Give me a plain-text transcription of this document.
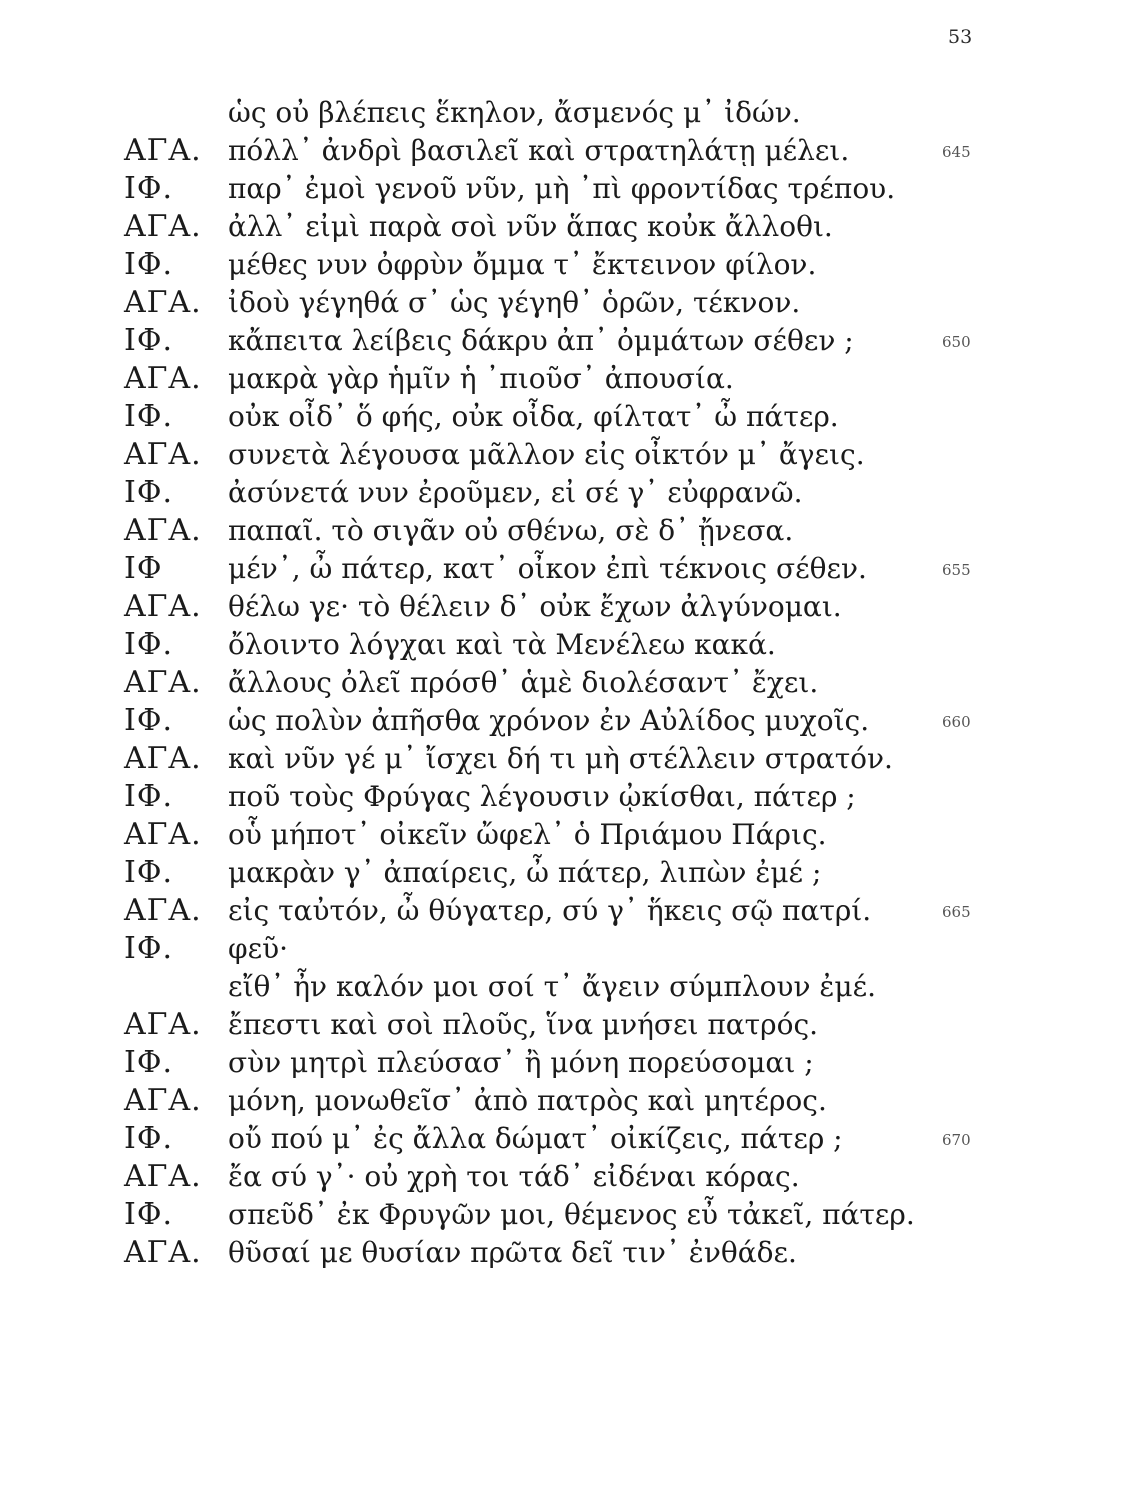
53
ὡς οὐ βλέπεις ἕκηλον, ἄσμενός μ᾽ ἰδών.
ΑΓΑ. πόλλ᾽ ἀνδρὶ βασιλεῖ καὶ στρατηλάτῃ μέλει.	645
ΙΦ. παρ᾽ ἐμοὶ γενοῦ νῦν, μὴ ᾽πὶ φροντίδας τρέπου.
ΑΓΑ. ἀλλ᾽ εἰμὶ παρὰ σοὶ νῦν ἅπας κοὐκ ἄλλοθι.
ΙΦ. μέθες νυν ὀφρὺν ὄμμα τ᾽ ἔκτεινον φίλον.
ΑΓΑ. ἰδοὺ γέγηθά σ᾽ ὡς γέγηθ᾽ ὁρῶν, τέκνον.
ΙΦ. κἄπειτα λείβεις δάκρυ ἀπ᾽ ὀμμάτων σέθεν ;	650
ΑΓΑ. μακρὰ γὰρ ἡμῖν ἡ ᾽πιοῦσ᾽ ἀπουσία.
ΙΦ. οὐκ οἶδ᾽ ὅ φής, οὐκ οἶδα, φίλτατ᾽ ὦ πάτερ.
ΑΓΑ. συνετὰ λέγουσα μᾶλλον εἰς οἶκτόν μ᾽ ἄγεις.
ΙΦ. ἀσύνετά νυν ἐροῦμεν, εἰ σέ γ᾽ εὐφρανῶ.
ΑΓΑ. παπαῖ. τὸ σιγᾶν οὐ σθένω, σὲ δ᾽ ᾔνεσα.
ΙΦ μέν᾽, ὦ πάτερ, κατ᾽ οἶκον ἐπὶ τέκνοις σέθεν.	655
ΑΓΑ. θέλω γε· τὸ θέλειν δ᾽ οὐκ ἔχων ἀλγύνομαι.
ΙΦ. ὄλοιντο λόγχαι καὶ τὰ Μενέλεω κακά.
ΑΓΑ. ἄλλους ὀλεῖ πρόσθ᾽ ἁμὲ διολέσαντ᾽ ἔχει.
ΙΦ. ὡς πολὺν ἀπῆσθα χρόνον ἐν Αὐλίδος μυχοῖς.	660
ΑΓΑ. καὶ νῦν γέ μ᾽ ἴσχει δή τι μὴ στέλλειν στρατόν.
ΙΦ. ποῦ τοὺς Φρύγας λέγουσιν ᾠκίσθαι, πάτερ ;
ΑΓΑ. οὗ μήποτ᾽ οἰκεῖν ὤφελ᾽ ὁ Πριάμου Πάρις.
ΙΦ. μακρὰν γ᾽ ἀπαίρεις, ὦ πάτερ, λιπὼν ἐμέ ;
ΑΓΑ. εἰς ταὐτόν, ὦ θύγατερ, σύ γ᾽ ἥκεις σῷ πατρί.	665
ΙΦ. φεῦ·
εἴθ᾽ ἦν καλόν μοι σοί τ᾽ ἄγειν σύμπλουν ἐμέ.
ΑΓΑ. ἔπεστι καὶ σοὶ πλοῦς, ἵνα μνήσει πατρός.
ΙΦ. σὺν μητρὶ πλεύσασ᾽ ἢ μόνη πορεύσομαι ;
ΑΓΑ. μόνη, μονωθεῖσ᾽ ἀπὸ πατρὸς καὶ μητέρος.
ΙΦ. οὔ πού μ᾽ ἐς ἄλλα δώματ᾽ οἰκίζεις, πάτερ ;	670
ΑΓΑ. ἔα σύ γ᾽· οὐ χρὴ τοι τάδ᾽ εἰδέναι κόρας.
ΙΦ. σπεῦδ᾽ ἐκ Φρυγῶν μοι, θέμενος εὖ τἀκεῖ, πάτερ.
ΑΓΑ. θῦσαί με θυσίαν πρῶτα δεῖ τιν᾽ ἐνθάδε.
